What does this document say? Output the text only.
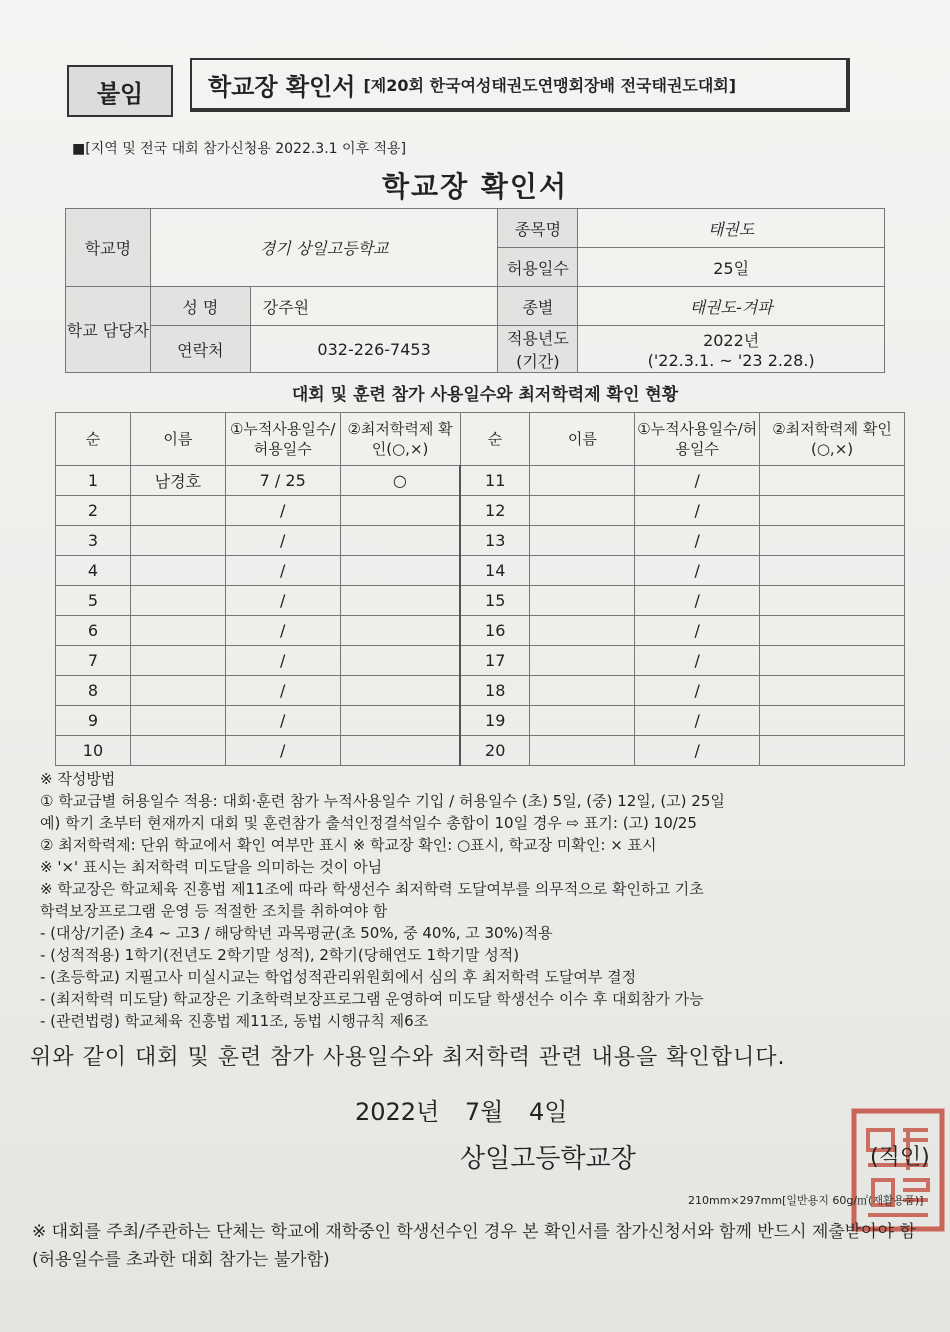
붙임	학교장 확인서 [제20회 한국여성태권도연맹회장배 전국태권도대회]
■[지역 및 전국 대회 참가신청용 2022.3.1 이후 적용]
학교장 확인서
학교명	경기 상일고등학교		종목명	태권도
			허용일수	25일
학교 담당자	성 명	강주원	종별	태권도-겨파
	연락처	032-226-7453	적용년도 (기간)	2022년
('22.3.1. ~ '23 2.28.)
대회 및 훈련 참가 사용일수와 최저학력제 확인 현황
순	이름	①누적사용일수/허용일수	②최저학력제 확인(○,×)	순	이름	①누적사용일수/허용일수	②최저학력제 확인(○,×)
1	남경호	7 / 25	○	11		/	
2		/		12		/	
3		/		13		/	
4		/		14		/	
5		/		15		/	
6		/		16		/	
7		/		17		/	
8		/		18		/	
9		/		19		/	
10		/		20		/	
※ 작성방법
① 학교급별 허용일수 적용: 대회·훈련 참가 누적사용일수 기입 / 허용일수 (초) 5일, (중) 12일, (고) 25일
예) 학기 초부터 현재까지 대회 및 훈련참가 출석인정결석일수 총합이 10일 경우 ⇨ 표기: (고) 10/25
② 최저학력제: 단위 학교에서 확인 여부만 표시 ※ 학교장 확인: ○표시, 학교장 미확인: × 표시
※ '×' 표시는 최저학력 미도달을 의미하는 것이 아님
※ 학교장은 학교체육 진흥법 제11조에 따라 학생선수 최저학력 도달여부를 의무적으로 확인하고 기초
학력보장프로그램 운영 등 적절한 조치를 취하여야 함
- (대상/기준) 초4 ~ 고3 / 해당학년 과목평균(초 50%, 중 40%, 고 30%)적용
- (성적적용) 1학기(전년도 2학기말 성적), 2학기(당해연도 1학기말 성적)
- (초등학교) 지필고사 미실시교는 학업성적관리위원회에서 심의 후 최저학력 도달여부 결정
- (최저학력 미도달) 학교장은 기초학력보장프로그램 운영하여 미도달 학생선수 이수 후 대회참가 가능
- (관련법령) 학교체육 진흥법 제11조, 동법 시행규칙 제6조
위와 같이 대회 및 훈련 참가 사용일수와 최저학력 관련 내용을 확인합니다.
2022년 7월 4일
상일고등학교장	(직인)
210mm×297mm[일반용지 60g/㎡(재활용품)]
※ 대회를 주최/주관하는 단체는 학교에 재학중인 학생선수인 경우 본 확인서를 참가신청서와 함께 반드시 제출받아야 함(허용일수를 초과한 대회 참가는 불가함)
